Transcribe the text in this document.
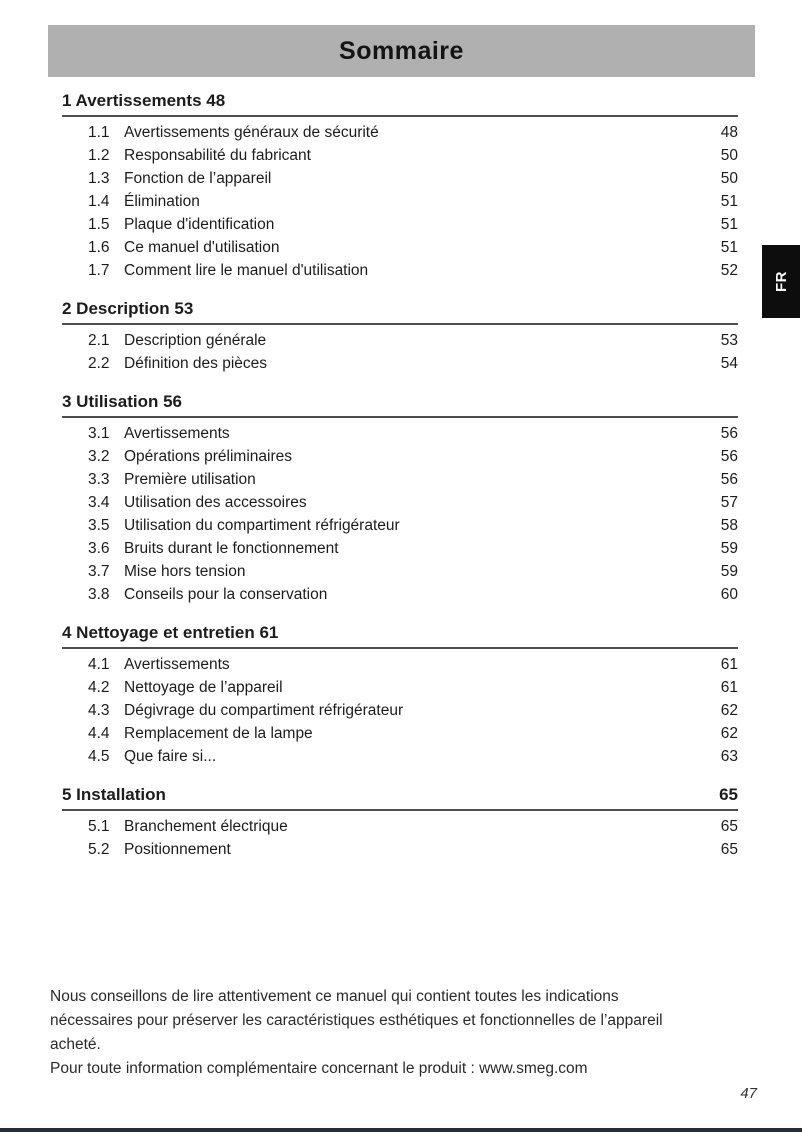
Sommaire
1 Avertissements 48
1.1 Avertissements généraux de sécurité	48
1.2 Responsabilité du fabricant	50
1.3 Fonction de l’appareil	50
1.4 Élimination	51
1.5 Plaque d'identification	51
1.6 Ce manuel d'utilisation	51
1.7 Comment lire le manuel d'utilisation	52
2 Description 53
2.1 Description générale	53
2.2 Définition des pièces	54
3 Utilisation 56
3.1 Avertissements	56
3.2 Opérations préliminaires	56
3.3 Première utilisation	56
3.4 Utilisation des accessoires	57
3.5 Utilisation du compartiment réfrigérateur	58
3.6 Bruits durant le fonctionnement	59
3.7 Mise hors tension	59
3.8 Conseils pour la conservation	60
4 Nettoyage et entretien 61
4.1 Avertissements	61
4.2 Nettoyage de l’appareil	61
4.3 Dégivrage du compartiment réfrigérateur	62
4.4 Remplacement de la lampe	62
4.5 Que faire si...	63
5 Installation	65
5.1 Branchement électrique	65
5.2 Positionnement	65

Nous conseillons de lire attentivement ce manuel qui contient toutes les indications
nécessaires pour préserver les caractéristiques esthétiques et fonctionnelles de l’appareil
acheté.

Pour toute information complémentaire concernant le produit : www.smeg.com

47
FR
